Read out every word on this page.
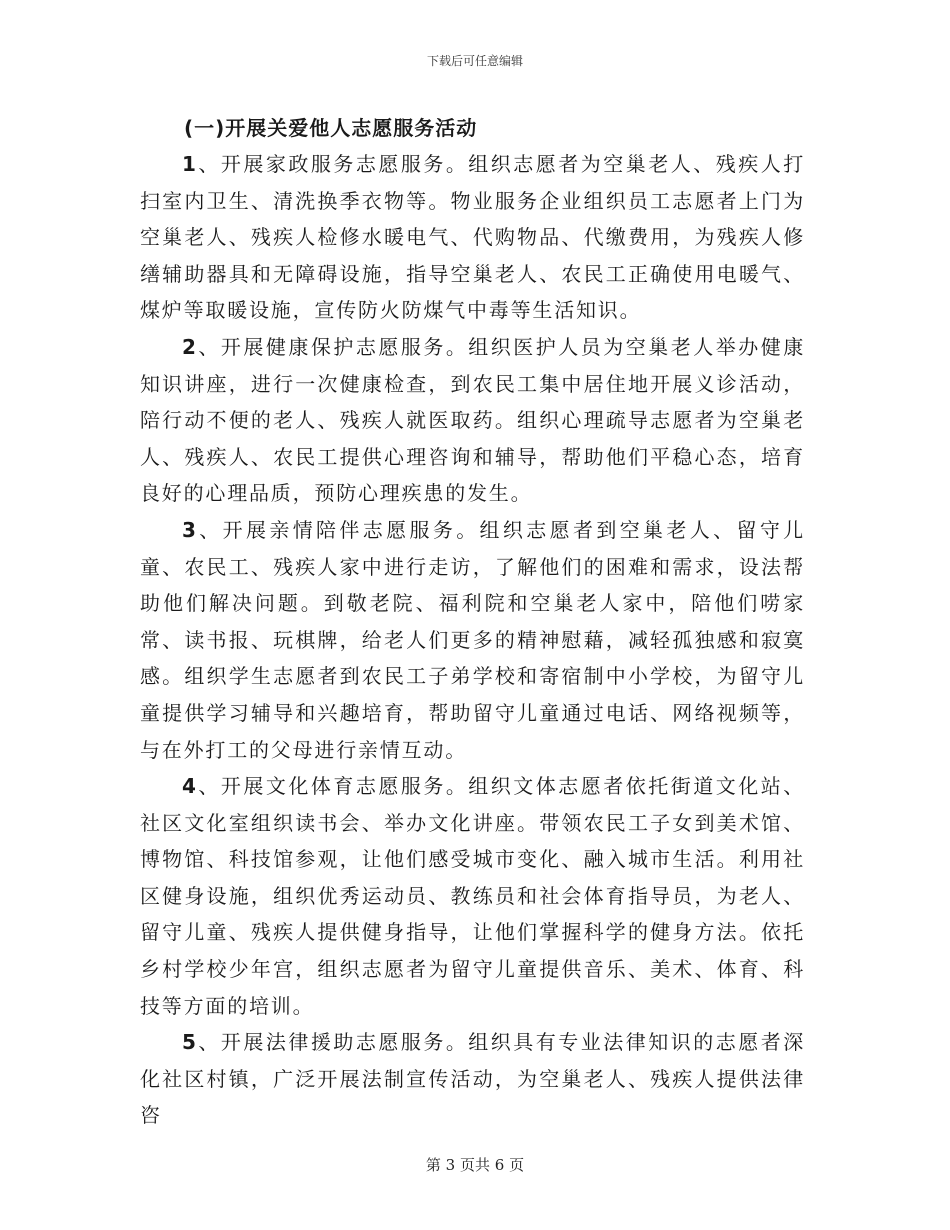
下载后可任意编辑
(一)开展关爱他人志愿服务活动

1、开展家政服务志愿服务。组织志愿者为空巢老人、残疾人打扫室内卫生、清洗换季衣物等。物业服务企业组织员工志愿者上门为空巢老人、残疾人检修水暖电气、代购物品、代缴费用，为残疾人修缮辅助器具和无障碍设施，指导空巢老人、农民工正确使用电暖气、煤炉等取暖设施，宣传防火防煤气中毒等生活知识。

2、开展健康保护志愿服务。组织医护人员为空巢老人举办健康知识讲座，进行一次健康检查，到农民工集中居住地开展义诊活动，陪行动不便的老人、残疾人就医取药。组织心理疏导志愿者为空巢老人、残疾人、农民工提供心理咨询和辅导，帮助他们平稳心态，培育良好的心理品质，预防心理疾患的发生。

3、开展亲情陪伴志愿服务。组织志愿者到空巢老人、留守儿童、农民工、残疾人家中进行走访，了解他们的困难和需求，设法帮助他们解决问题。到敬老院、福利院和空巢老人家中，陪他们唠家常、读书报、玩棋牌，给老人们更多的精神慰藉，减轻孤独感和寂寞感。组织学生志愿者到农民工子弟学校和寄宿制中小学校，为留守儿童提供学习辅导和兴趣培育，帮助留守儿童通过电话、网络视频等，与在外打工的父母进行亲情互动。

4、开展文化体育志愿服务。组织文体志愿者依托街道文化站、社区文化室组织读书会、举办文化讲座。带领农民工子女到美术馆、博物馆、科技馆参观，让他们感受城市变化、融入城市生活。利用社区健身设施，组织优秀运动员、教练员和社会体育指导员，为老人、留守儿童、残疾人提供健身指导，让他们掌握科学的健身方法。依托乡村学校少年宫，组织志愿者为留守儿童提供音乐、美术、体育、科技等方面的培训。

5、开展法律援助志愿服务。组织具有专业法律知识的志愿者深化社区村镇，广泛开展法制宣传活动，为空巢老人、残疾人提供法律咨

第 3 页共 6 页
